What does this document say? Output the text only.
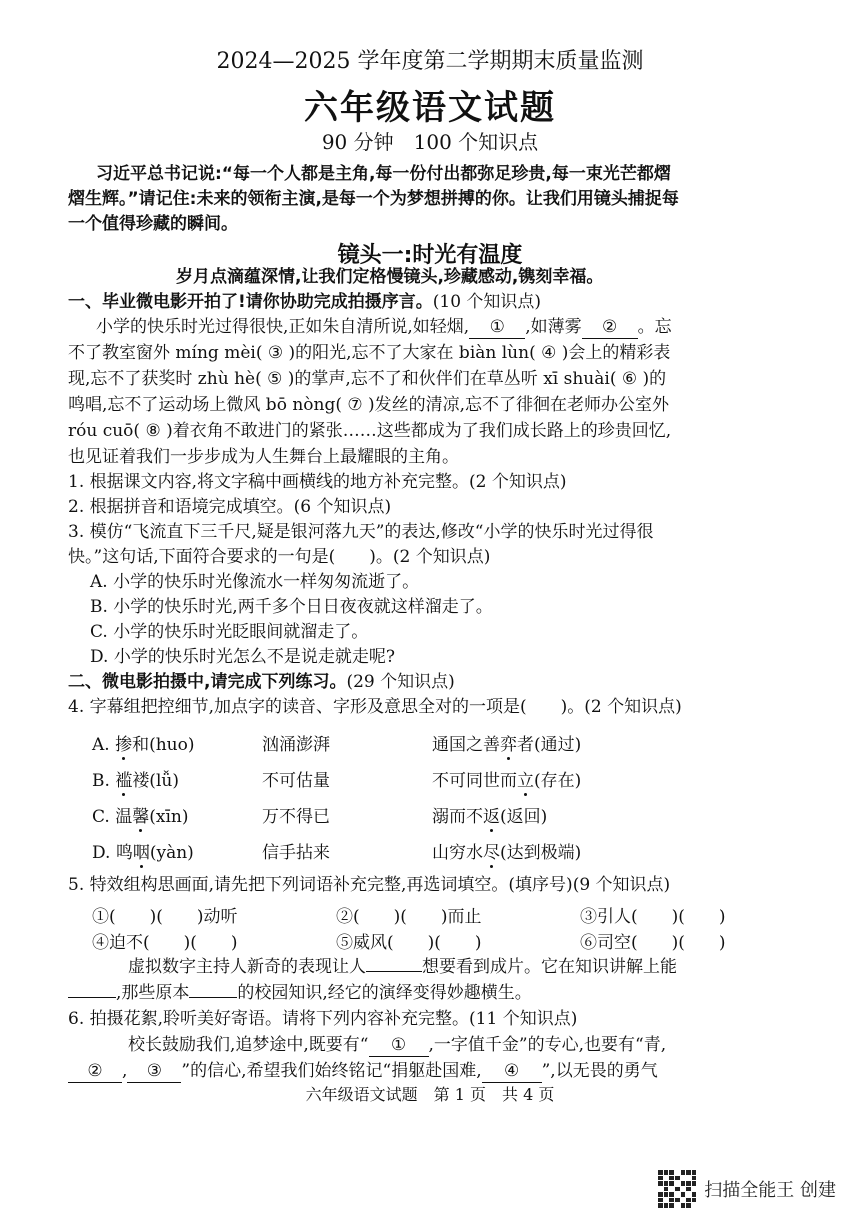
2024—2025 学年度第二学期期末质量监测
六年级语文试题
90 分钟　100 个知识点
习近平总书记说:“每一个人都是主角,每一份付出都弥足珍贵,每一束光芒都熠
熠生辉。”请记住:未来的领衔主演,是每一个为梦想拼搏的你。让我们用镜头捕捉每
一个值得珍藏的瞬间。
镜头一:时光有温度
岁月点滴蕴深情,让我们定格慢镜头,珍藏感动,镌刻幸福。
一、毕业微电影开拍了!请你协助完成拍摄序言。(10 个知识点)
小学的快乐时光过得很快,正如朱自清所说,如轻烟, ① ,如薄雾 ② 。忘
不了教室窗外 míng mèi( ③ )的阳光,忘不了大家在 biàn lùn( ④ )会上的精彩表
现,忘不了获奖时 zhù hè( ⑤ )的掌声,忘不了和伙伴们在草丛听 xī shuài( ⑥ )的
鸣唱,忘不了运动场上微风 bō nòng( ⑦ )发丝的清凉,忘不了徘徊在老师办公室外
róu cuō( ⑧ )着衣角不敢进门的紧张……这些都成为了我们成长路上的珍贵回忆,
也见证着我们一步步成为人生舞台上最耀眼的主角。
1. 根据课文内容,将文字稿中画横线的地方补充完整。(2 个知识点)
2. 根据拼音和语境完成填空。(6 个知识点)
3. 模仿“飞流直下三千尺,疑是银河落九天”的表达,修改“小学的快乐时光过得很
快。”这句话,下面符合要求的一句是(　　)。(2 个知识点)
A. 小学的快乐时光像流水一样匆匆流逝了。
B. 小学的快乐时光,两千多个日日夜夜就这样溜走了。
C. 小学的快乐时光眨眼间就溜走了。
D. 小学的快乐时光怎么不是说走就走呢?
二、微电影拍摄中,请完成下列练习。(29 个知识点)
4. 字幕组把控细节,加点字的读音、字形及意思全对的一项是(　　)。(2 个知识点)
A. 掺和(huo)	汹涌澎湃	通国之善弈者(通过)
B. 褴褛(lǚ)	不可估量	不可同世而立(存在)
C. 温馨(xīn)	万不得已	溺而不返(返回)
D. 鸣咽(yàn)	信手拈来	山穷水尽(达到极端)
5. 特效组构思画面,请先把下列词语补充完整,再选词填空。(填序号)(9 个知识点)
①(　　)(　　)动听	②(　　)(　　)而止	③引人(　　)(　　)
④迫不(　　)(　　)	⑤威风(　　)(　　)	⑥司空(　　)(　　)
虚拟数字主持人新奇的表现让人	想要看到成片。它在知识讲解上能
,那些原本	的校园知识,经它的演绎变得妙趣横生。
6. 拍摄花絮,聆听美好寄语。请将下列内容补充完整。(11 个知识点)
校长鼓励我们,追梦途中,既要有“ ① ,一字值千金”的专心,也要有“青,
② , ③ ”的信心,希望我们始终铭记“捐躯赴国难, ④ ”,以无畏的勇气
六年级语文试题　第 1 页　共 4 页
扫描全能王 创建
